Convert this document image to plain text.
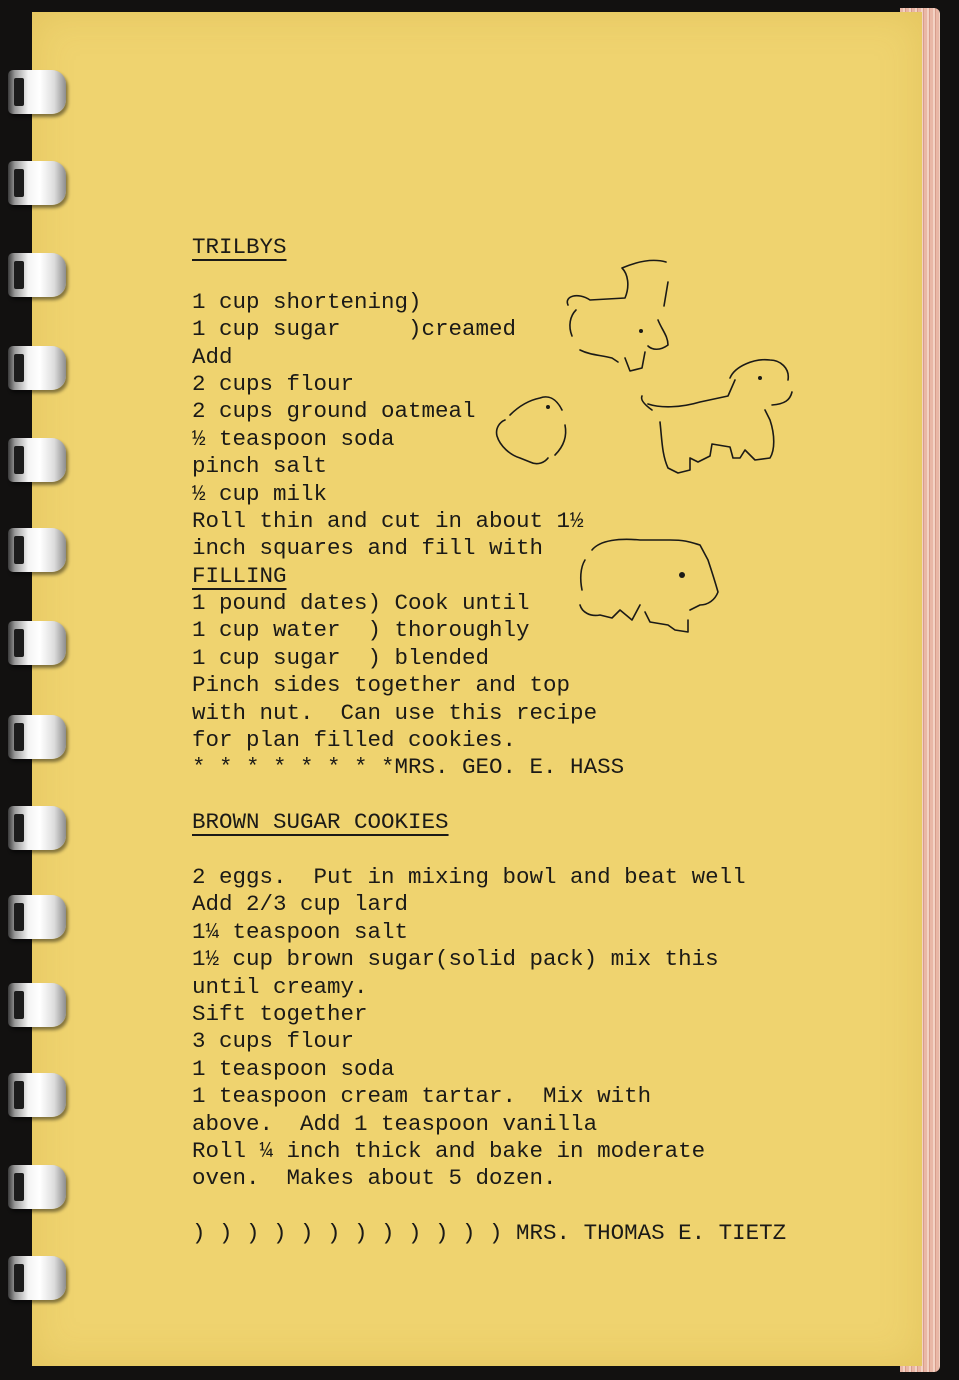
TRILBYS
1 cup shortening)
1 cup sugar     )creamed
Add
2 cups flour
2 cups ground oatmeal
½ teaspoon soda
pinch salt
½ cup milk
Roll thin and cut in about 1½
inch squares and fill with
FILLING
1 pound dates) Cook until
1 cup water  ) thoroughly
1 cup sugar  ) blended
Pinch sides together and top
with nut.  Can use this recipe
for plan filled cookies.
* * * * * * * *MRS. GEO. E. HASS
BROWN SUGAR COOKIES
2 eggs.  Put in mixing bowl and beat well
Add 2/3 cup lard
1¼ teaspoon salt
1½ cup brown sugar(solid pack) mix this
until creamy.
Sift together
3 cups flour
1 teaspoon soda
1 teaspoon cream tartar.  Mix with
above.  Add 1 teaspoon vanilla
Roll ¼ inch thick and bake in moderate
oven.  Makes about 5 dozen.
) ) ) ) ) ) ) ) ) ) ) ) MRS. THOMAS E. TIETZ
